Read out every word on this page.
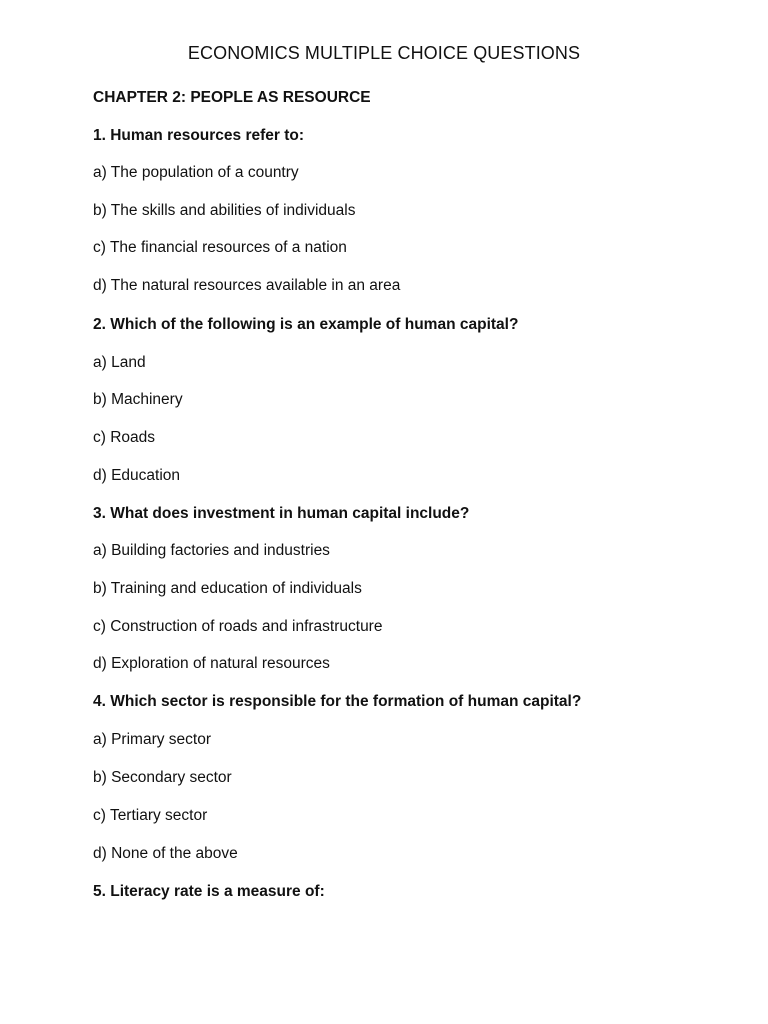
ECONOMICS MULTIPLE CHOICE QUESTIONS
CHAPTER 2: PEOPLE AS RESOURCE
1. Human resources refer to:
a) The population of a country
b) The skills and abilities of individuals
c) The financial resources of a nation
d) The natural resources available in an area
2. Which of the following is an example of human capital?
a) Land
b) Machinery
c) Roads
d) Education
3. What does investment in human capital include?
a) Building factories and industries
b) Training and education of individuals
c) Construction of roads and infrastructure
d) Exploration of natural resources
4. Which sector is responsible for the formation of human capital?
a) Primary sector
b) Secondary sector
c) Tertiary sector
d) None of the above
5. Literacy rate is a measure of:
